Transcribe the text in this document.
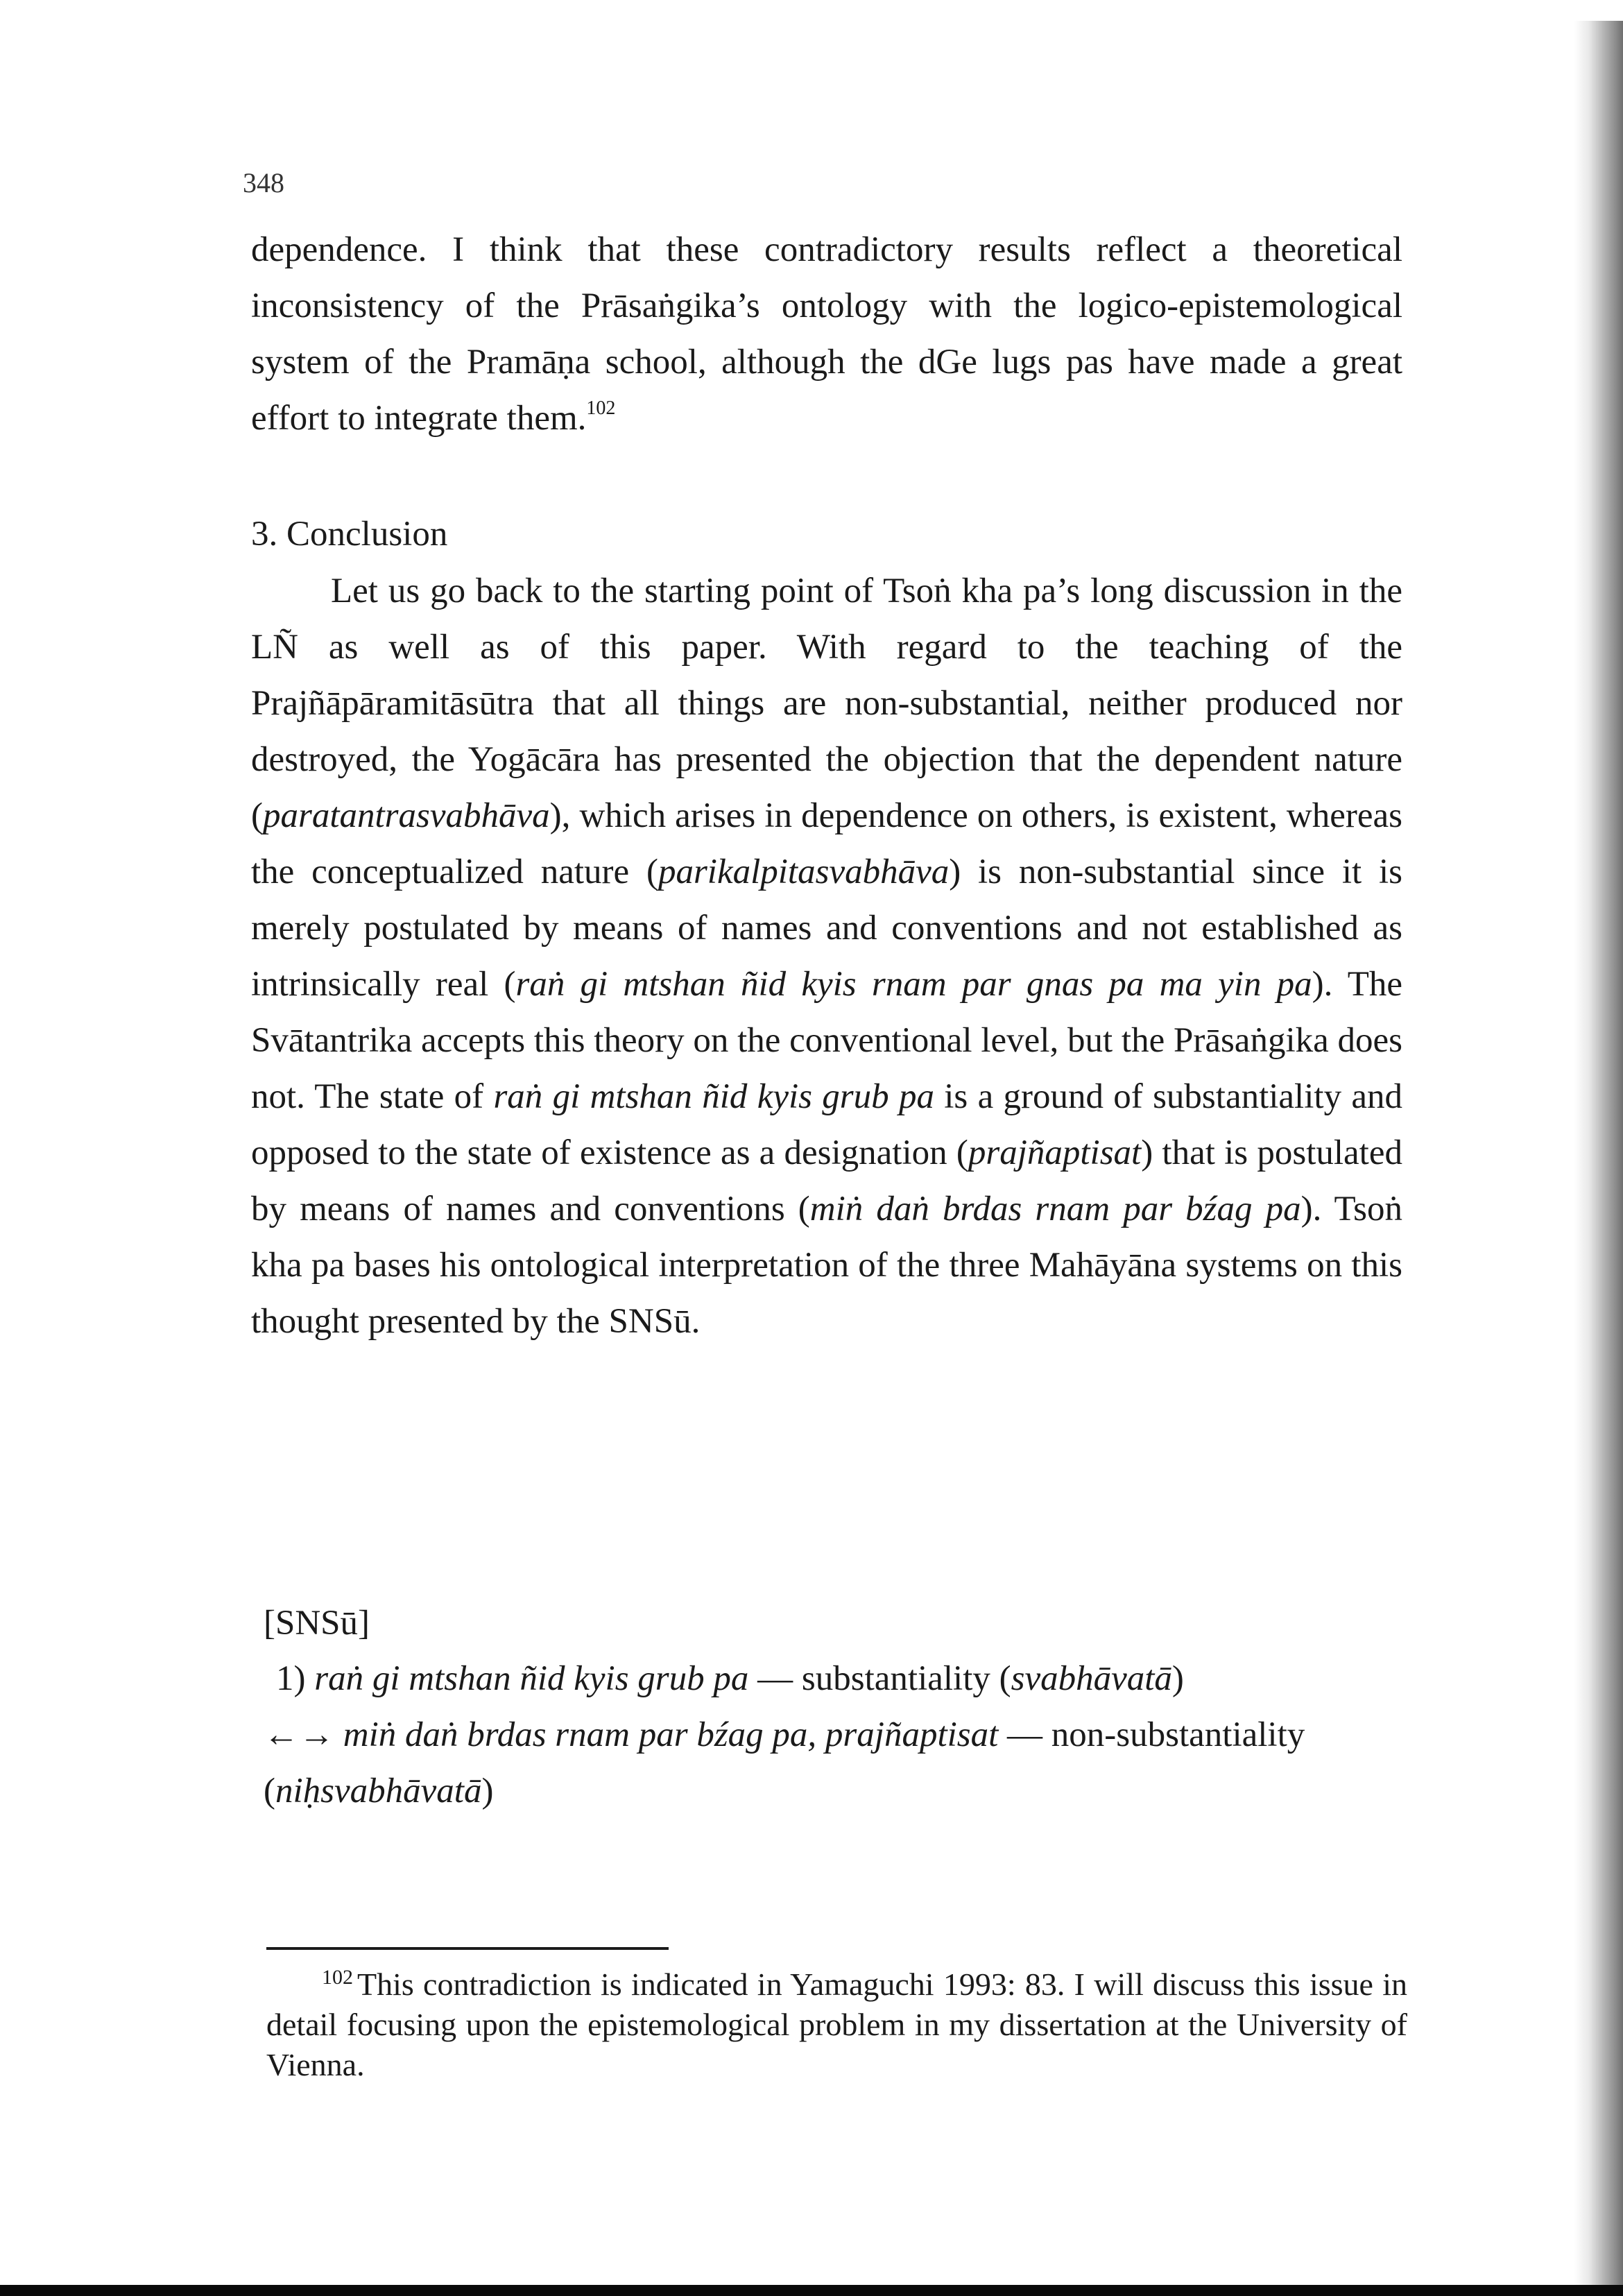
348

dependence. I think that these contradictory results reflect a theoretical inconsistency of the Prāsaṅgika’s ontology with the logico-epistemological system of the Pramāṇa school, although the dGe lugs pas have made a great effort to integrate them.$^{102}$

3. Conclusion

Let us go back to the starting point of Tsoṅ kha pa’s long discussion in the LÑ as well as of this paper. With regard to the teaching of the Prajñāpāramitāsūtra that all things are non-substantial, neither produced nor destroyed, the Yogācāra has presented the objection that the dependent nature (paratantrasvabhāva), which arises in dependence on others, is existent, whereas the conceptualized nature (parikalpitasvabhāva) is non-substantial since it is merely postulated by means of names and conventions and not established as intrinsically real (raṅ gi mtshan ñid kyis rnam par gnas pa ma yin pa). The Svātantrika accepts this theory on the conventional level, but the Prāsaṅgika does not. The state of raṅ gi mtshan ñid kyis grub pa is a ground of substantiality and opposed to the state of existence as a designation (prajñaptisat) that is postulated by means of names and conventions (miṅ daṅ brdas rnam par bźag pa). Tsoṅ kha pa bases his ontological interpretation of the three Mahāyāna systems on this thought presented by the SNSū.

[SNSū]
1) raṅ gi mtshan ñid kyis grub pa — substantiality (svabhāvatā)
←→ miṅ daṅ brdas rnam par bźag pa, prajñaptisat — non-substantiality (niḥsvabhāvatā)
$^{102}$ This contradiction is indicated in Yamaguchi 1993: 83. I will discuss this issue in detail focusing upon the epistemological problem in my dissertation at the University of Vienna.
